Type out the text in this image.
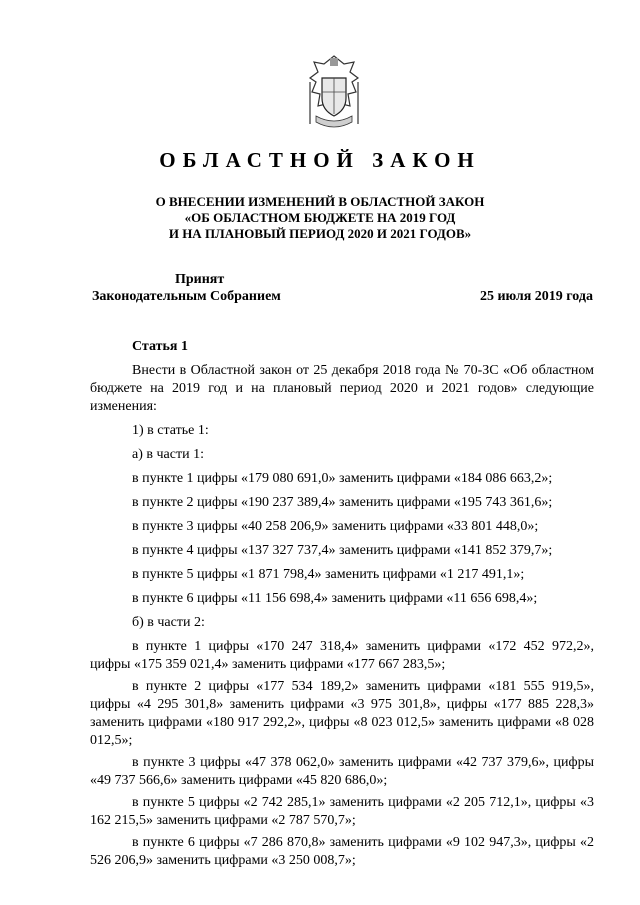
ОБЛАСТНОЙ ЗАКОН
О ВНЕСЕНИИ ИЗМЕНЕНИЙ В ОБЛАСТНОЙ ЗАКОН
«ОБ ОБЛАСТНОМ БЮДЖЕТЕ НА 2019 ГОД
И НА ПЛАНОВЫЙ ПЕРИОД 2020 И 2021 ГОДОВ»
Принят
Законодательным Собранием	25 июля 2019 года
Статья 1

Внести в Областной закон от 25 декабря 2018 года № 70-ЗС «Об областном бюджете на 2019 год и на плановый период 2020 и 2021 годов» следующие изменения:

1) в статье 1:

а) в части 1:

в пункте 1 цифры «179 080 691,0» заменить цифрами «184 086 663,2»;

в пункте 2 цифры «190 237 389,4» заменить цифрами «195 743 361,6»;

в пункте 3 цифры «40 258 206,9» заменить цифрами «33 801 448,0»;

в пункте 4 цифры «137 327 737,4» заменить цифрами «141 852 379,7»;

в пункте 5 цифры «1 871 798,4» заменить цифрами «1 217 491,1»;

в пункте 6 цифры «11 156 698,4» заменить цифрами «11 656 698,4»;

б) в части 2:

в пункте 1 цифры «170 247 318,4» заменить цифрами «172 452 972,2», цифры «175 359 021,4» заменить цифрами «177 667 283,5»;

в пункте 2 цифры «177 534 189,2» заменить цифрами «181 555 919,5», цифры «4 295 301,8» заменить цифрами «3 975 301,8», цифры «177 885 228,3» заменить цифрами «180 917 292,2», цифры «8 023 012,5» заменить цифрами «8 028 012,5»;

в пункте 3 цифры «47 378 062,0» заменить цифрами «42 737 379,6», цифры «49 737 566,6» заменить цифрами «45 820 686,0»;

в пункте 5 цифры «2 742 285,1» заменить цифрами «2 205 712,1», цифры «3 162 215,5» заменить цифрами «2 787 570,7»;

в пункте 6 цифры «7 286 870,8» заменить цифрами «9 102 947,3», цифры «2 526 206,9» заменить цифрами «3 250 008,7»;
